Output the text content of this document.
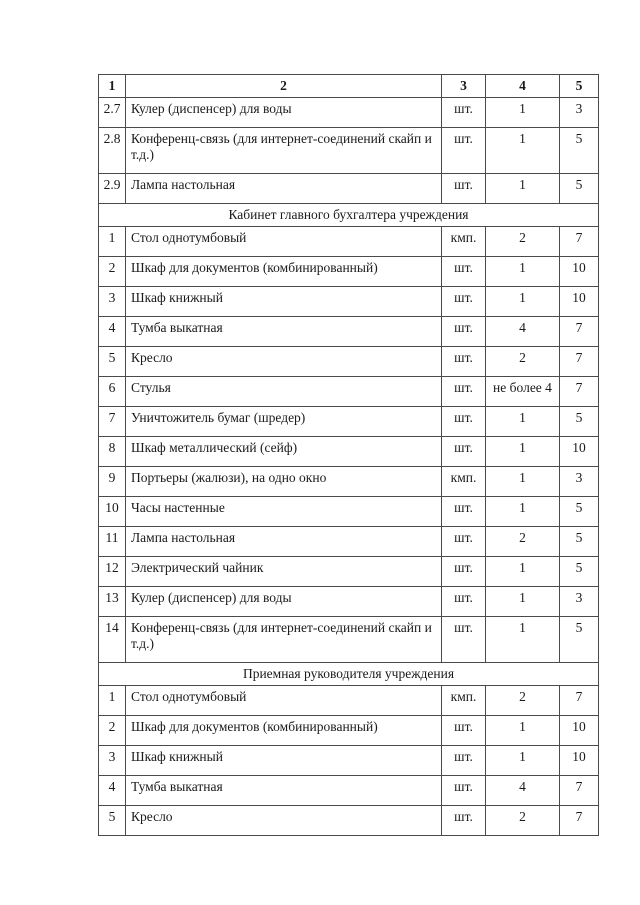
1	2	3	4	5
2.7	Кулер (диспенсер) для воды	шт.	1	3
2.8	Конференц-связь (для интернет-соединений скайп и т.д.)	шт.	1	5
2.9	Лампа настольная	шт.	1	5
Кабинет главного бухгалтера учреждения				
1	Стол однотумбовый	кмп.	2	7
2	Шкаф для документов (комбинированный)	шт.	1	10
3	Шкаф книжный	шт.	1	10
4	Тумба выкатная	шт.	4	7
5	Кресло	шт.	2	7
6	Стулья	шт.	не более 4	7
7	Уничтожитель бумаг (шредер)	шт.	1	5
8	Шкаф металлический (сейф)	шт.	1	10
9	Портьеры (жалюзи), на одно окно	кмп.	1	3
10	Часы настенные	шт.	1	5
11	Лампа настольная	шт.	2	5
12	Электрический чайник	шт.	1	5
13	Кулер (диспенсер) для воды	шт.	1	3
14	Конференц-связь (для интернет-соединений скайп и т.д.)	шт.	1	5
Приемная руководителя учреждения				
1	Стол однотумбовый	кмп.	2	7
2	Шкаф для документов (комбинированный)	шт.	1	10
3	Шкаф книжный	шт.	1	10
4	Тумба выкатная	шт.	4	7
5	Кресло	шт.	2	7
